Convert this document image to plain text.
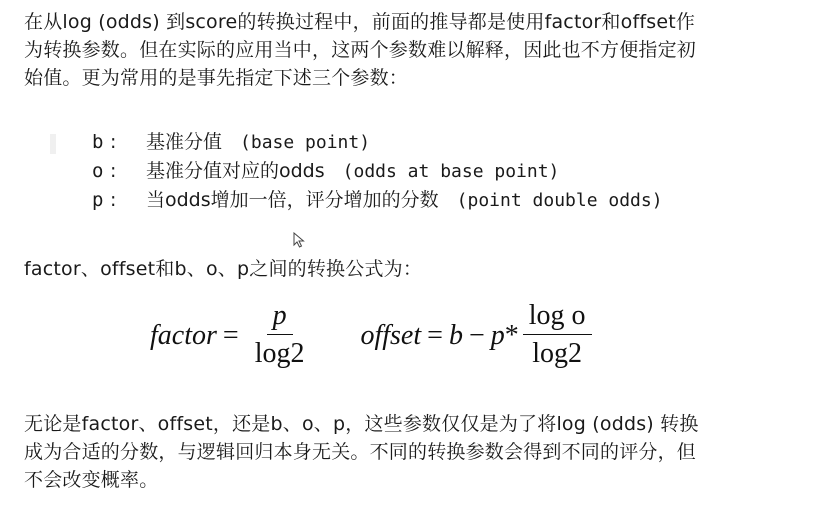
在从log (odds) 到score的转换过程中，前面的推导都是使用factor和offset作
为转换参数。但在实际的应用当中，这两个参数难以解释，因此也不方便指定初
始值。更为常用的是事先指定下述三个参数：
b :	基准分值 (base point)
o :	基准分值对应的odds (odds at base point)
p :	当odds增加一倍，评分增加的分数 (point double odds)
factor、offset和b、o、p之间的转换公式为：
factor = $\frac{p}{\log 2}$ offset = $b - p * \frac{\text{log o}}{\log 2}$
无论是factor、offset，还是b、o、p，这些参数仅仅是为了将log (odds) 转换
成为合适的分数，与逻辑回归本身无关。不同的转换参数会得到不同的评分，但
不会改变概率。
